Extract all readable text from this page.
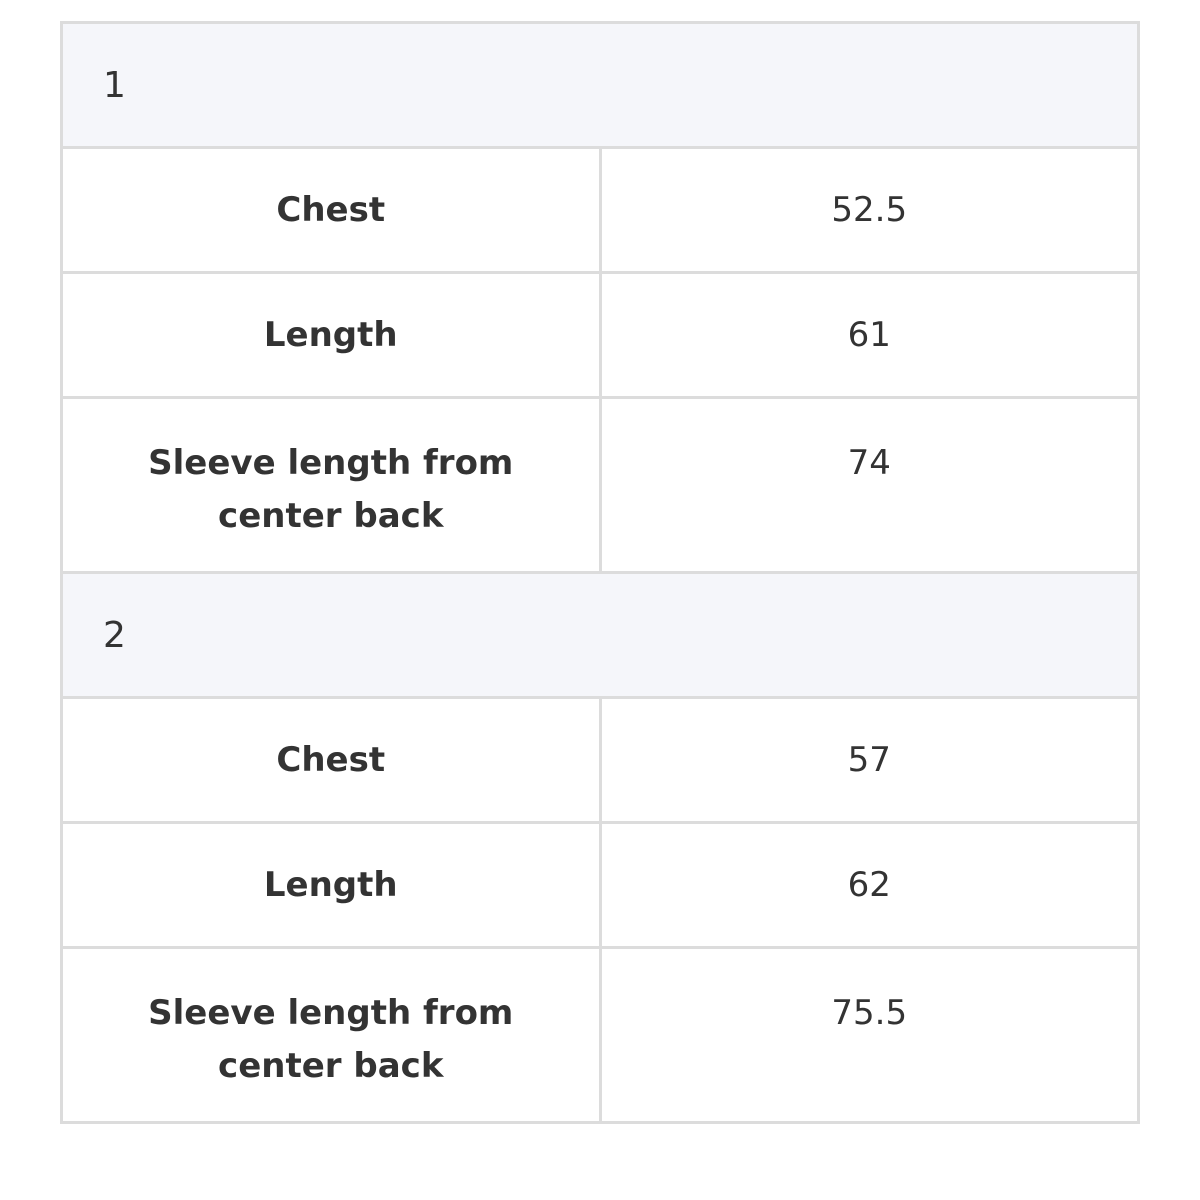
1	
Chest	52.5
Length	61
Sleeve length from center back	74
2	
Chest	57
Length	62
Sleeve length from center back	75.5
